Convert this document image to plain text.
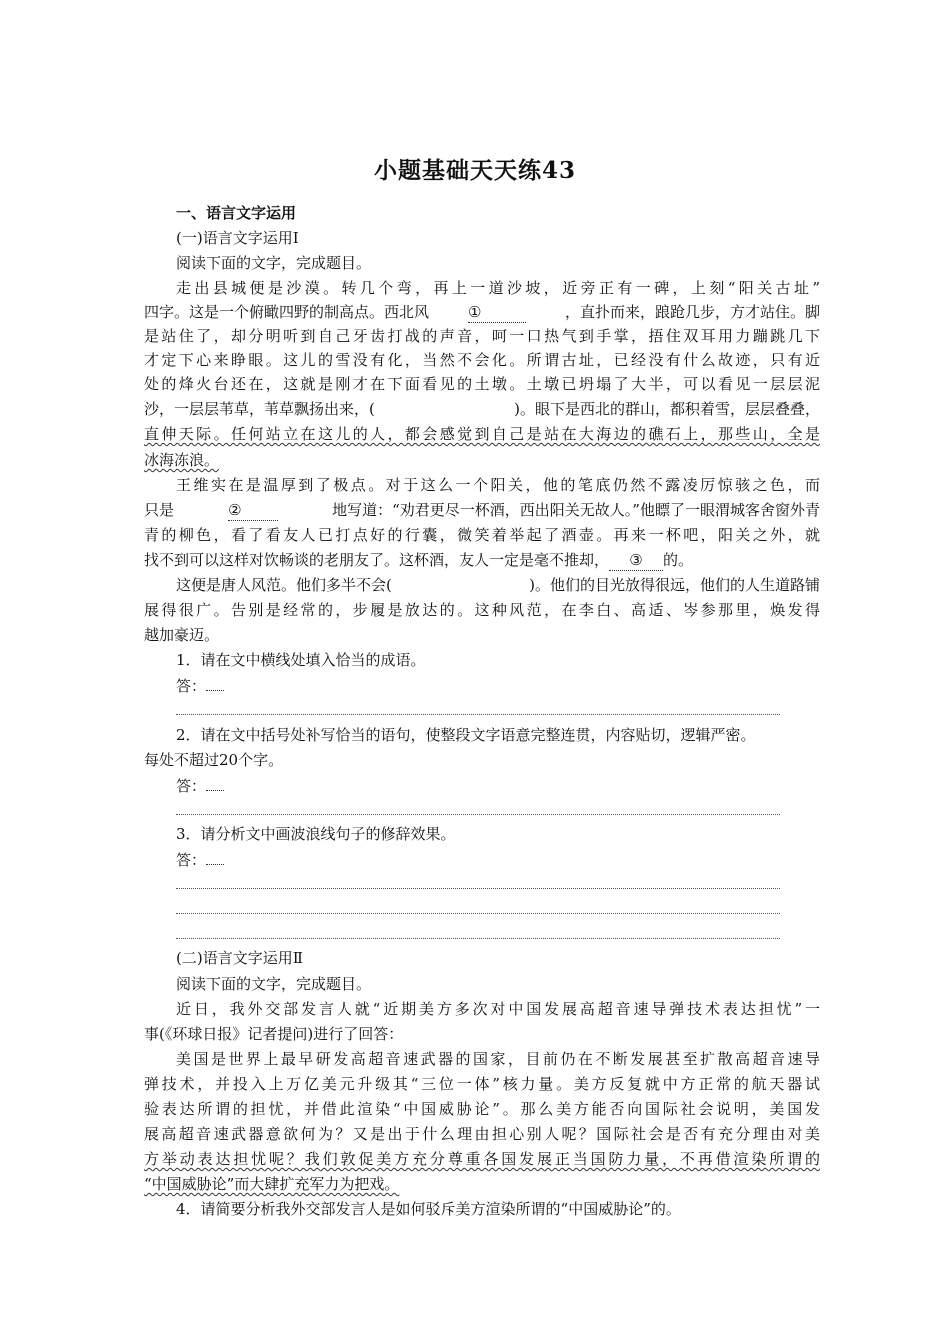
小题基础天天练43
一、语言文字运用
(一)语言文字运用Ⅰ
阅读下面的文字，完成题目。
走出县城便是沙漠。转几个弯，再上一道沙坡，近旁正有一碑，上刻“阳关古址”
四字。这是一个俯瞰四野的制高点。西北风	①	，直扑而来，踉跄几步，方才站住。脚
是站住了，却分明听到自己牙齿打战的声音，呵一口热气到手掌，捂住双耳用力蹦跳几下
才定下心来睁眼。这儿的雪没有化，当然不会化。所谓古址，已经没有什么故迹，只有近
处的烽火台还在，这就是刚才在下面看见的土墩。土墩已坍塌了大半，可以看见一层层泥
沙，一层层苇草，苇草飘扬出来，(	)。眼下是西北的群山，都积着雪，层层叠叠，
直伸天际。任何站立在这儿的人，都会感觉到自己是站在大海边的礁石上，那些山，全是
冰海冻浪。
王维实在是温厚到了极点。对于这么一个阳关，他的笔底仍然不露凌厉惊骇之色，而
只是	②	地写道：“劝君更尽一杯酒，西出阳关无故人。”他瞟了一眼渭城客舍窗外青
青的柳色，看了看友人已打点好的行囊，微笑着举起了酒壶。再来一杯吧，阳关之外，就
找不到可以这样对饮畅谈的老朋友了。这杯酒，友人一定是毫不推却， ③ 的。
这便是唐人风范。他们多半不会(	)。他们的目光放得很远，他们的人生道路铺
展得很广。告别是经常的，步履是放达的。这种风范，在李白、高适、岑参那里，焕发得
越加豪迈。
1．请在文中横线处填入恰当的成语。
答：
2．请在文中括号处补写恰当的语句，使整段文字语意完整连贯，内容贴切，逻辑严密。
每处不超过20个字。
答：
3．请分析文中画波浪线句子的修辞效果。
答：
(二)语言文字运用Ⅱ
阅读下面的文字，完成题目。
近日，我外交部发言人就“近期美方多次对中国发展高超音速导弹技术表达担忧”一
事(《环球日报》记者提问)进行了回答：
美国是世界上最早研发高超音速武器的国家，目前仍在不断发展甚至扩散高超音速导
弹技术，并投入上万亿美元升级其“三位一体”核力量。美方反复就中方正常的航天器试
验表达所谓的担忧，并借此渲染“中国威胁论”。那么美方能否向国际社会说明，美国发
展高超音速武器意欲何为？又是出于什么理由担心别人呢？国际社会是否有充分理由对美
方举动表达担忧呢？我们敦促美方充分尊重各国发展正当国防力量，不再借渲染所谓的
“中国威胁论”而大肆扩充军力为把戏。
4．请简要分析我外交部发言人是如何驳斥美方渲染所谓的“中国威胁论”的。
